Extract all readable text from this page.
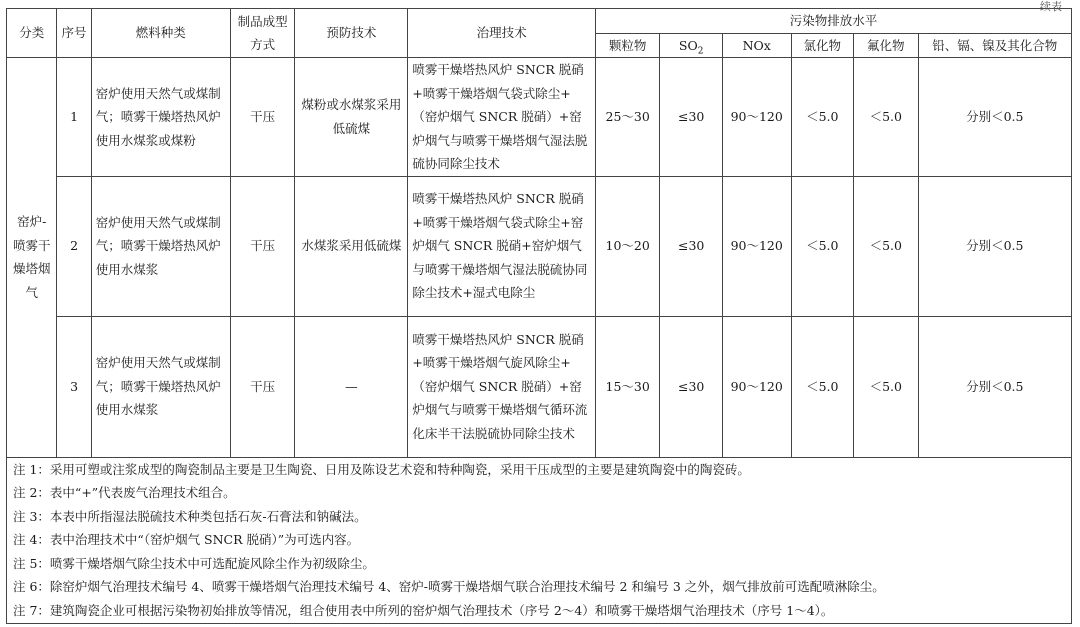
续表
分类	序号	燃料种类	制品成型方式	预防技术	治理技术	污染物排放水平					
						颗粒物	$SO_2$	NOx	氯化物	氟化物	铅、镉、镍及其化合物
窑炉-喷雾干燥塔烟气	1	窑炉使用天然气或煤制气；喷雾干燥塔热风炉使用水煤浆或煤粉	干压	煤粉或水煤浆采用低硫煤	喷雾干燥塔热风炉 SNCR 脱硝+喷雾干燥塔烟气袋式除尘+（窑炉烟气 SNCR 脱硝）+窑炉烟气与喷雾干燥塔烟气湿法脱硫协同除尘技术	25～30	≤30	90～120	＜5.0	＜5.0	分别＜0.5
	2	窑炉使用天然气或煤制气；喷雾干燥塔热风炉使用水煤浆	干压	水煤浆采用低硫煤	喷雾干燥塔热风炉 SNCR 脱硝+喷雾干燥塔烟气袋式除尘+窑炉烟气 SNCR 脱硝+窑炉烟气与喷雾干燥塔烟气湿法脱硫协同除尘技术+湿式电除尘	10～20	≤30	90～120	＜5.0	＜5.0	分别＜0.5
	3	窑炉使用天然气或煤制气；喷雾干燥塔热风炉使用水煤浆	干压	—	喷雾干燥塔热风炉 SNCR 脱硝+喷雾干燥塔烟气旋风除尘+（窑炉烟气 SNCR 脱硝）+窑炉烟气与喷雾干燥塔烟气循环流化床半干法脱硫协同除尘技术	15～30	≤30	90～120	＜5.0	＜5.0	分别＜0.5
注 1：采用可塑或注浆成型的陶瓷制品主要是卫生陶瓷、日用及陈设艺术瓷和特种陶瓷，采用干压成型的主要是建筑陶瓷中的陶瓷砖。
注 2：表中“+”代表废气治理技术组合。
注 3：本表中所指湿法脱硫技术种类包括石灰-石膏法和钠碱法。
注 4：表中治理技术中“（窑炉烟气 SNCR 脱硝）”为可选内容。
注 5：喷雾干燥塔烟气除尘技术中可选配旋风除尘作为初级除尘。
注 6：除窑炉烟气治理技术编号 4、喷雾干燥塔烟气治理技术编号 4、窑炉-喷雾干燥塔烟气联合治理技术编号 2 和编号 3 之外，烟气排放前可选配喷淋除尘。
注 7：建筑陶瓷企业可根据污染物初始排放等情况，组合使用表中所列的窑炉烟气治理技术（序号 2～4）和喷雾干燥塔烟气治理技术（序号 1～4）。
